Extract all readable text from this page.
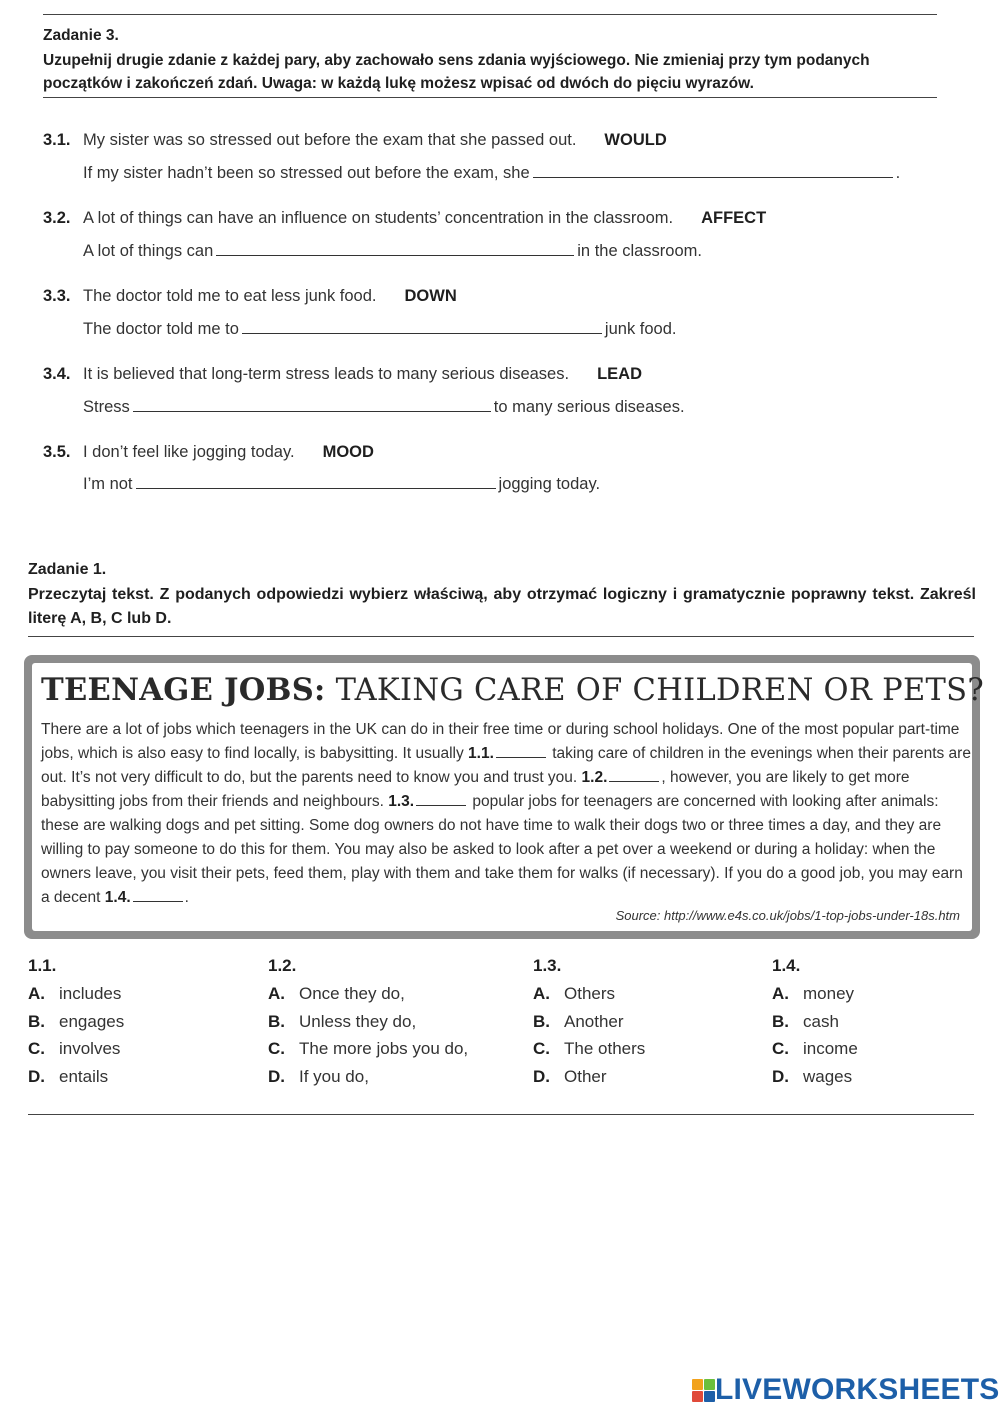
Zadanie 3.
Uzupełnij drugie zdanie z każdej pary, aby zachowało sens zdania wyjściowego. Nie zmieniaj przy tym podanych początków i zakończeń zdań. Uwaga: w każdą lukę możesz wpisać od dwóch do pięciu wyrazów.
3.1. My sister was so stressed out before the exam that she passed out. WOULD
If my sister hadn’t been so stressed out before the exam, she	.
3.2. A lot of things can have an influence on students’ concentration in the classroom. AFFECT
A lot of things can	in the classroom.
3.3. The doctor told me to eat less junk food. DOWN
The doctor told me to	junk food.
3.4. It is believed that long-term stress leads to many serious diseases. LEAD
Stress	to many serious diseases.
3.5. I don’t feel like jogging today. MOOD
I’m not	jogging today.
Zadanie 1.
Przeczytaj tekst. Z podanych odpowiedzi wybierz właściwą, aby otrzymać logiczny i gramatycznie poprawny tekst. Zakreśl literę A, B, C lub D.
TEENAGE JOBS: TAKING CARE OF CHILDREN OR PETS?
There are a lot of jobs which teenagers in the UK can do in their free time or during school holidays. One of the most popular part-time jobs, which is also easy to find locally, is babysitting. It usually 1.1.	taking care of children in the evenings when their parents are out. It’s not very difficult to do, but the parents need to know you and trust you. 1.2.	, however, you are likely to get more babysitting jobs from their friends and neighbours. 1.3.	popular jobs for teenagers are concerned with looking after animals: these are walking dogs and pet sitting. Some dog owners do not have time to walk their dogs two or three times a day, and they are willing to pay someone to do this for them. You may also be asked to look after a pet over a weekend or during a holiday: when the owners leave, you visit their pets, feed them, play with them and take them for walks (if necessary). If you do a good job, you may earn a decent 1.4.	.
Source: http://www.e4s.co.uk/jobs/1-top-jobs-under-18s.htm
1.1.
A. includes
B. engages
C. involves
D. entails
1.2.
A. Once they do,
B. Unless they do,
C. The more jobs you do,
D. If you do,
1.3.
A. Others
B. Another
C. The others
D. Other
1.4.
A. money
B. cash
C. income
D. wages
LIVEWORKSHEETS
